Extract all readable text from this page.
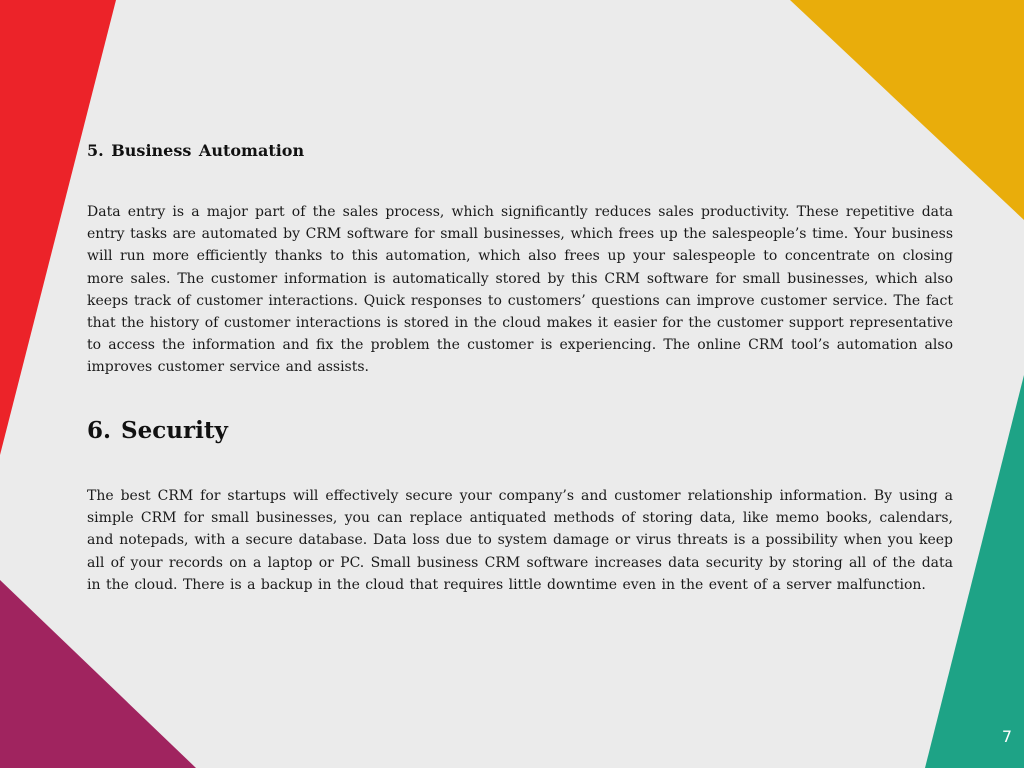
5. Business Automation

Data entry is a major part of the sales process, which significantly reduces sales productivity. These repetitive data entry tasks are automated by CRM software for small businesses, which frees up the salespeople’s time. Your business will run more efficiently thanks to this automation, which also frees up your salespeople to concentrate on closing more sales. The customer information is automatically stored by this CRM software for small businesses, which also keeps track of customer interactions. Quick responses to customers’ questions can improve customer service. The fact that the history of customer interactions is stored in the cloud makes it easier for the customer support representative to access the information and fix the problem the customer is experiencing. The online CRM tool’s automation also improves customer service and assists.

6. Security

The best CRM for startups will effectively secure your company’s and customer relationship information. By using a simple CRM for small businesses, you can replace antiquated methods of storing data, like memo books, calendars, and notepads, with a secure database. Data loss due to system damage or virus threats is a possibility when you keep all of your records on a laptop or PC. Small business CRM software increases data security by storing all of the data in the cloud. There is a backup in the cloud that requires little downtime even in the event of a server malfunction.

7
